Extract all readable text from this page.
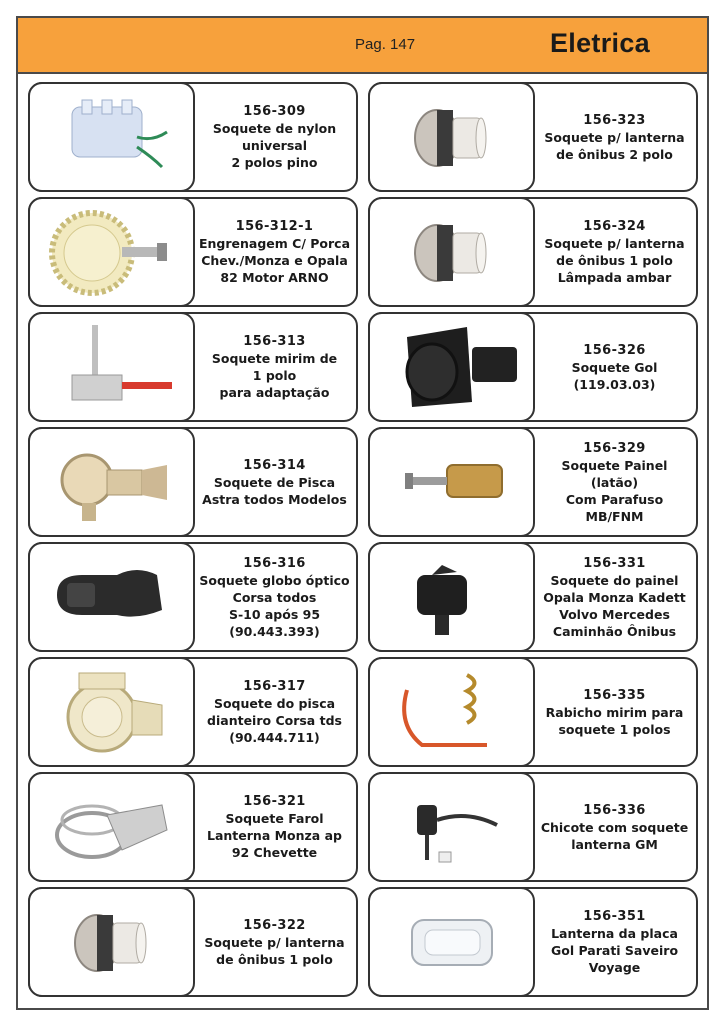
Pag. 147	Eletrica
156-309
Soquete de nylon
universal
2 polos pino
156-312-1
Engrenagem C/ Porca
Chev./Monza e Opala
82 Motor ARNO
156-313
Soquete mirim de
1 polo
para adaptação
156-314
Soquete de Pisca
Astra todos Modelos
156-316
Soquete globo óptico
Corsa todos
S-10 após 95
(90.443.393)
156-317
Soquete do pisca
dianteiro Corsa tds
(90.444.711)
156-321
Soquete Farol
Lanterna Monza ap
92 Chevette
156-322
Soquete p/ lanterna
de ônibus 1 polo
156-323
Soquete p/ lanterna
de ônibus 2 polo
156-324
Soquete p/ lanterna
de ônibus 1 polo
Lâmpada ambar
156-326
Soquete Gol
(119.03.03)
156-329
Soquete Painel
(latão)
Com Parafuso
MB/FNM
156-331
Soquete do painel
Opala Monza Kadett
Volvo Mercedes
Caminhão Ônibus
156-335
Rabicho mirim para
soquete 1 polos
156-336
Chicote com soquete
lanterna GM
156-351
Lanterna da placa
Gol Parati Saveiro
Voyage
